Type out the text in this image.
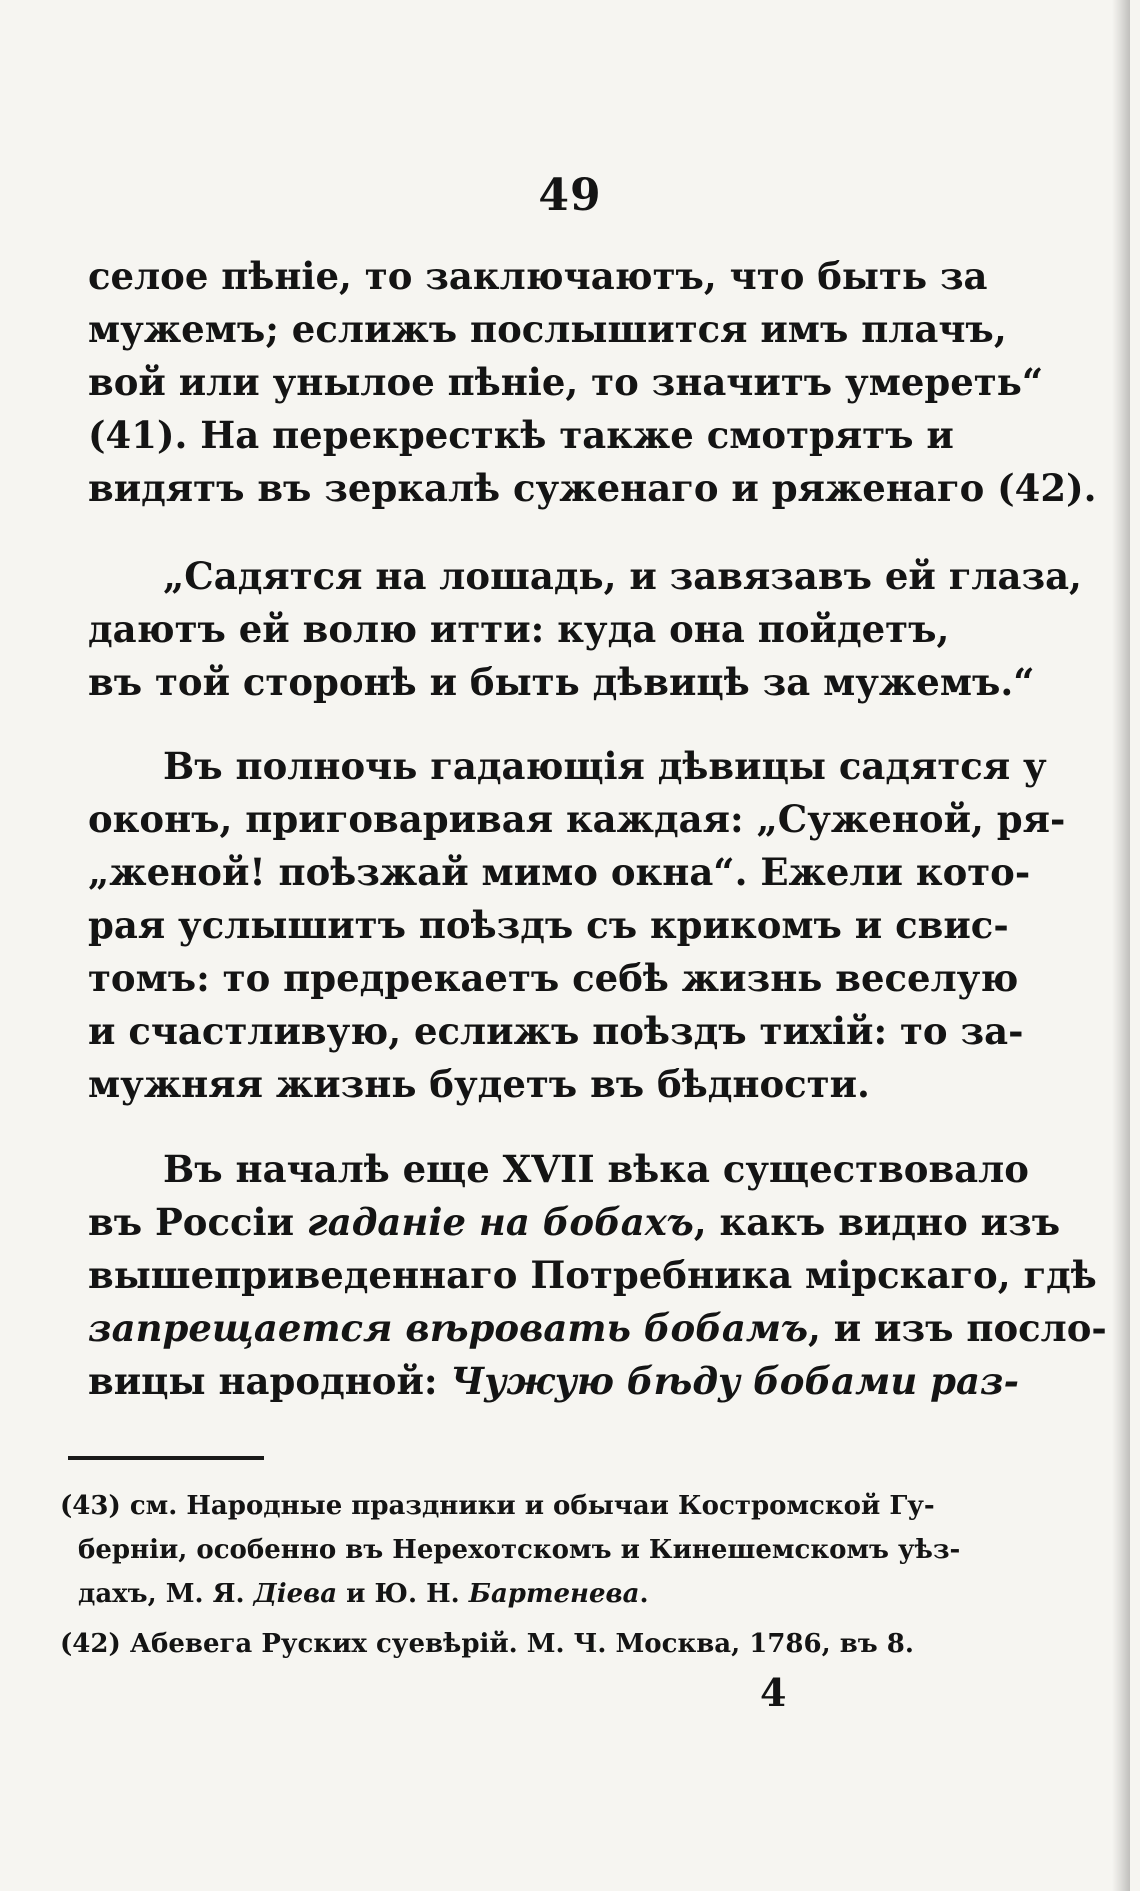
49
селое пѣніе, то заключаютъ, что быть за
мужемъ; еслижъ послышится имъ плачъ,
вой или унылое пѣніе, то значитъ умереть“
(41). На перекресткѣ также смотрятъ и
видятъ въ зеркалѣ суженаго и ряженаго (42).
„Садятся на лошадь, и завязавъ ей глаза,
даютъ ей волю итти: куда она пойдетъ,
въ той сторонѣ и быть дѣвицѣ за мужемъ.“
Въ полночь гадающія дѣвицы садятся у
оконъ, приговаривая каждая: „Суженой, ря-
„женой! поѣзжай мимо окна“. Ежели кото-
рая услышитъ поѣздъ съ крикомъ и свис-
томъ: то предрекаетъ себѣ жизнь веселую
и счастливую, еслижъ поѣздъ тихій: то за-
мужняя жизнь будетъ въ бѣдности.
Въ началѣ еще XVII вѣка существовало
въ Россіи гаданіе на бобахъ, какъ видно изъ
вышеприведеннаго Потребника мірскаго, гдѣ
запрещается вѣровать бобамъ, и изъ посло-
вицы народной: Чужую бѣду бобами раз-
(43) см. Народные праздники и обычаи Костромской Гу-
берніи, особенно въ Нерехотскомъ и Кинешемскомъ уѣз-
дахъ, М. Я. Діева и Ю. Н. Бартенева.
(42) Абевега Руских суевѣрій. М. Ч. Москва, 1786, въ 8.
4
